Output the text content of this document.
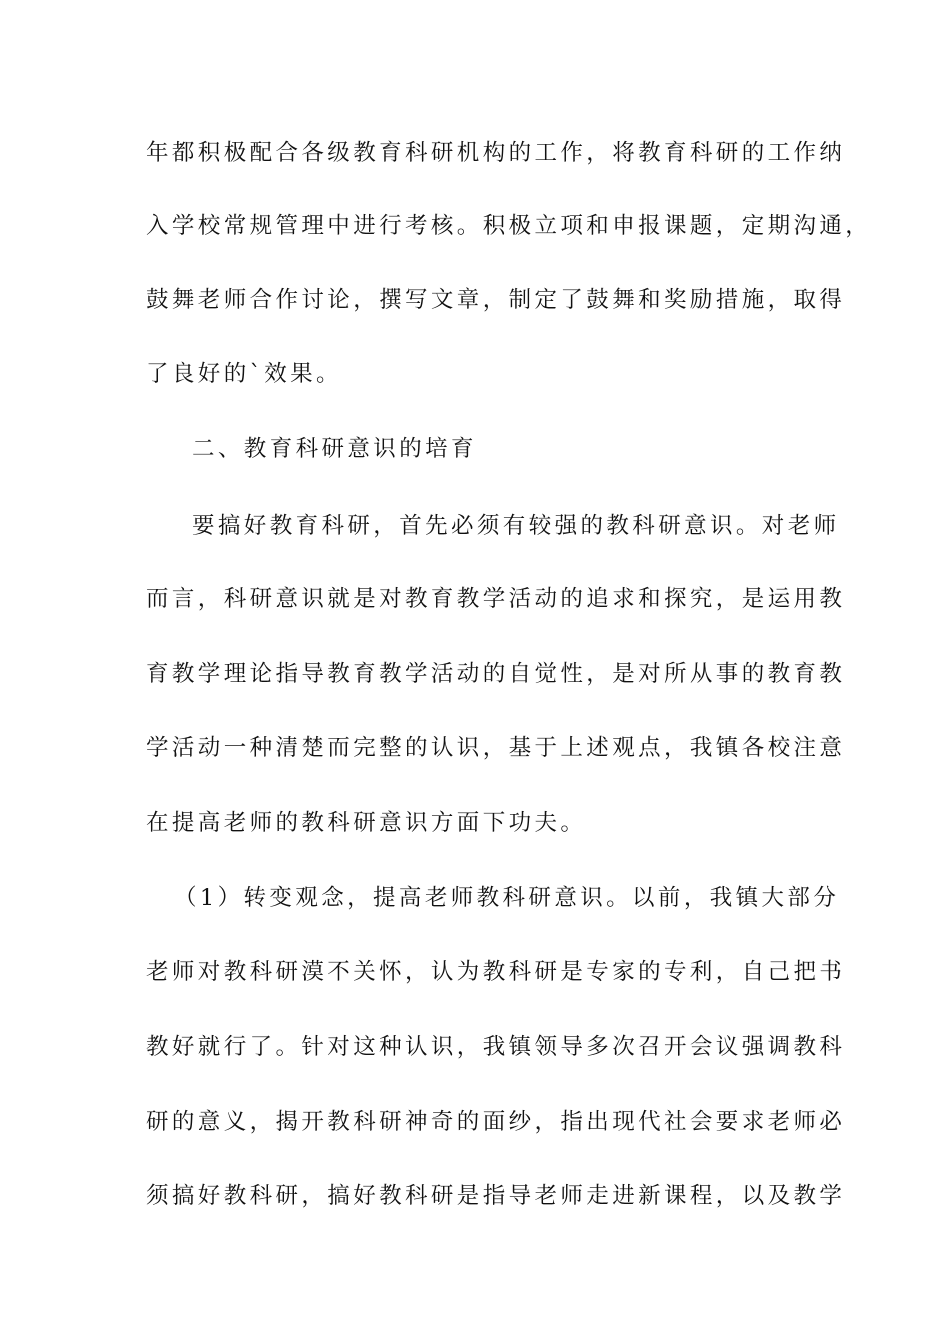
年都积极配合各级教育科研机构的工作，将教育科研的工作纳
入学校常规管理中进行考核。积极立项和申报课题，定期沟通，
鼓舞老师合作讨论，撰写文章，制定了鼓舞和奖励措施，取得
了良好的`效果。
二、教育科研意识的培育
要搞好教育科研，首先必须有较强的教科研意识。对老师
而言，科研意识就是对教育教学活动的追求和探究，是运用教
育教学理论指导教育教学活动的自觉性，是对所从事的教育教
学活动一种清楚而完整的认识，基于上述观点，我镇各校注意
在提高老师的教科研意识方面下功夫。
（1）转变观念，提高老师教科研意识。以前，我镇大部分
老师对教科研漠不关怀，认为教科研是专家的专利，自己把书
教好就行了。针对这种认识，我镇领导多次召开会议强调教科
研的意义，揭开教科研神奇的面纱，指出现代社会要求老师必
须搞好教科研，搞好教科研是指导老师走进新课程，以及教学
